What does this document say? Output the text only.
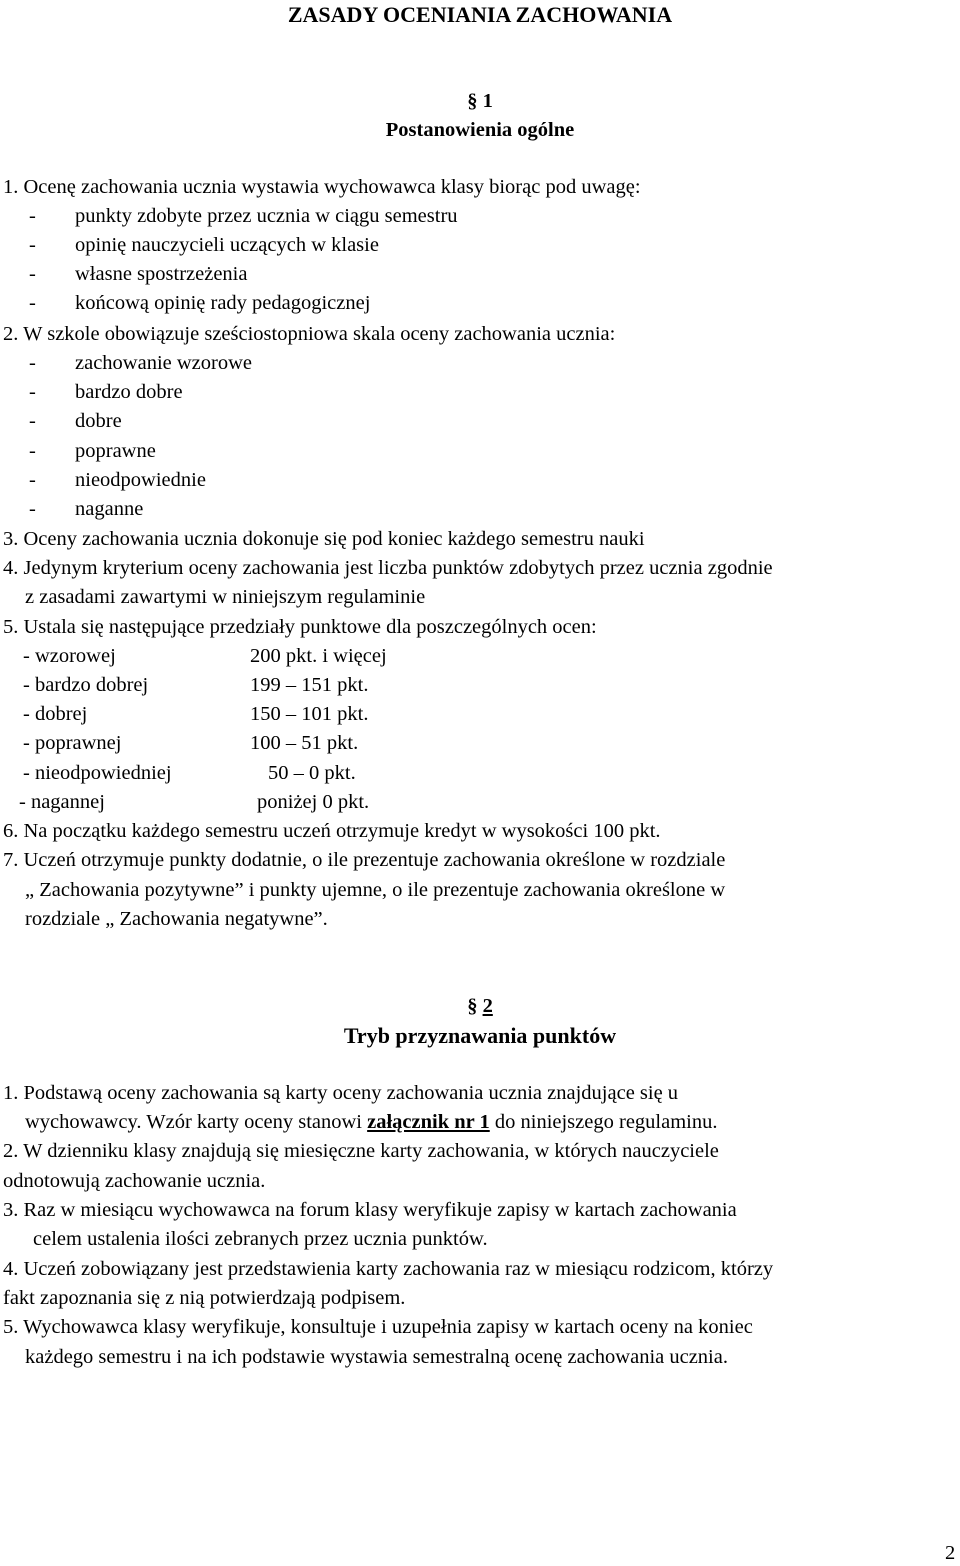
ZASADY OCENIANIA ZACHOWANIA
§ 1
Postanowienia ogólne
1. Ocenę zachowania ucznia wystawia wychowawca klasy biorąc pod uwagę:
- punkty zdobyte przez ucznia w ciągu semestru
- opinię nauczycieli uczących w klasie
- własne spostrzeżenia
- końcową opinię rady pedagogicznej
2. W szkole obowiązuje sześciostopniowa skala oceny zachowania ucznia:
- zachowanie wzorowe
- bardzo dobre
- dobre
- poprawne
- nieodpowiednie
- naganne
3. Oceny zachowania ucznia dokonuje się pod koniec każdego semestru nauki
4. Jedynym kryterium oceny zachowania jest liczba punktów zdobytych przez ucznia zgodnie
z zasadami zawartymi w niniejszym regulaminie
5. Ustala się następujące przedziały punktowe dla poszczególnych ocen:
- wzorowej	200 pkt. i więcej
- bardzo dobrej	199 – 151 pkt.
- dobrej	150 – 101 pkt.
- poprawnej	100 – 51 pkt.
- nieodpowiedniej	50 – 0 pkt.
- nagannej	poniżej 0 pkt.
6. Na początku każdego semestru uczeń otrzymuje kredyt w wysokości 100 pkt.
7. Uczeń otrzymuje punkty dodatnie, o ile prezentuje zachowania określone w rozdziale
„ Zachowania pozytywne” i punkty ujemne, o ile prezentuje zachowania określone w
rozdziale „ Zachowania negatywne”.
§ 2
Tryb przyznawania punktów
1. Podstawą oceny zachowania są karty oceny zachowania ucznia znajdujące się u
wychowawcy. Wzór karty oceny stanowi załącznik nr 1 do niniejszego regulaminu.
2. W dzienniku klasy znajdują się miesięczne karty zachowania, w których nauczyciele
odnotowują zachowanie ucznia.
3. Raz w miesiącu wychowawca na forum klasy weryfikuje zapisy w kartach zachowania
celem ustalenia ilości zebranych przez ucznia punktów.
4. Uczeń zobowiązany jest przedstawienia karty zachowania raz w miesiącu rodzicom, którzy
fakt zapoznania się z nią potwierdzają podpisem.
5. Wychowawca klasy weryfikuje, konsultuje i uzupełnia zapisy w kartach oceny na koniec
każdego semestru i na ich podstawie wystawia semestralną ocenę zachowania ucznia.
2
